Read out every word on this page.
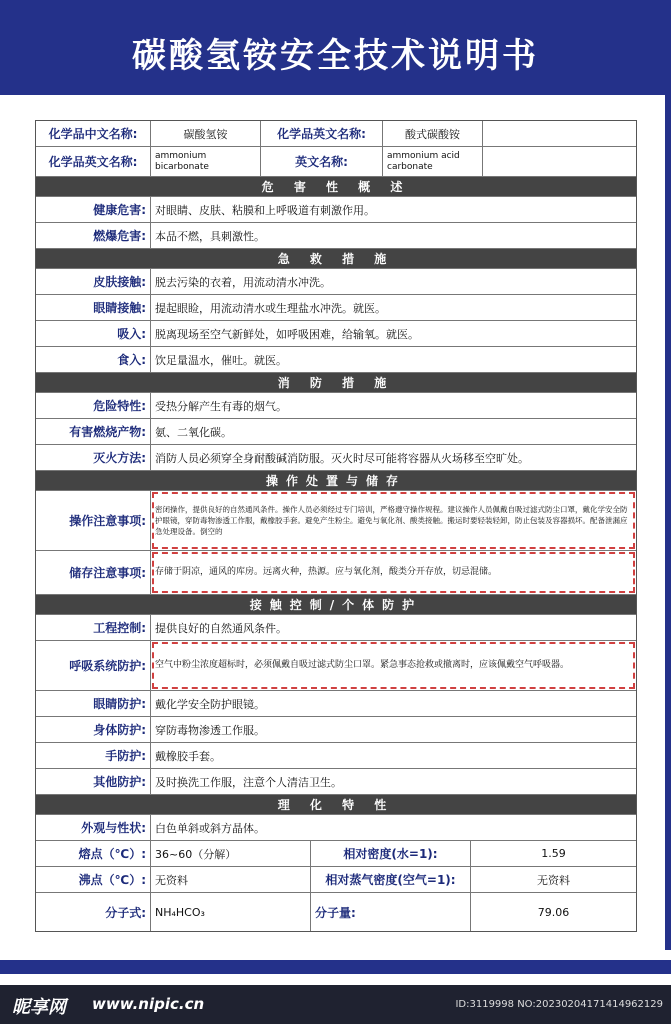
碳酸氢铵安全技术说明书
化学品中文名称:	碳酸氢铵	化学品英文名称:	酸式碳酸铵
化学品英文名称:	ammonium bicarbonate	英文名称:	ammonium acid carbonate
危 害 性 概 述
健康危害: 对眼睛、皮肤、粘膜和上呼吸道有刺激作用。
燃爆危害: 本品不燃，具刺激性。
急 救 措 施
皮肤接触: 脱去污染的衣着，用流动清水冲洗。
眼睛接触: 提起眼睑，用流动清水或生理盐水冲洗。就医。
吸入: 脱离现场至空气新鲜处，如呼吸困难，给输氧。就医。
食入: 饮足量温水，催吐。就医。
消 防 措 施
危险特性: 受热分解产生有毒的烟气。
有害燃烧产物: 氨、二氧化碳。
灭火方法: 消防人员必须穿全身耐酸碱消防服。灭火时尽可能将容器从火场移至空旷处。
操作处置与储存
操作注意事项:
密闭操作，提供良好的自然通风条件。操作人员必须经过专门培训，严格遵守操作规程。建议操作人员佩戴自吸过滤式防尘口罩，戴化学安全防护眼镜，穿防毒物渗透工作服，戴橡胶手套。避免产生粉尘。避免与氧化剂、酸类接触。搬运时要轻装轻卸，防止包装及容器损坏。配备泄漏应急处理设备。倒空的
储存注意事项:	存储于阴凉，通风的库房。远离火种，热源。应与氧化剂，酸类分开存放，切忌混储。
接触控制/个体防护
工程控制: 提供良好的自然通风条件。
呼吸系统防护:	空气中粉尘浓度超标时，必须佩戴自吸过滤式防尘口罩。紧急事态抢救或撤离时，应该佩戴空气呼吸器。
眼睛防护: 戴化学安全防护眼镜。
身体防护: 穿防毒物渗透工作服。
手防护: 戴橡胶手套。
其他防护: 及时换洗工作服，注意个人清洁卫生。
理 化 特 性
外观与性状: 白色单斜或斜方晶体。
熔点（℃）: 36~60（分解）	相对密度(水=1):	1.59
沸点（℃）: 无资料	相对蒸气密度(空气=1):	无资料
分子式: NH₄HCO₃	分子量:	79.06
昵享网 www.nipic.cn	ID:3119998 NO:20230204171414962129
